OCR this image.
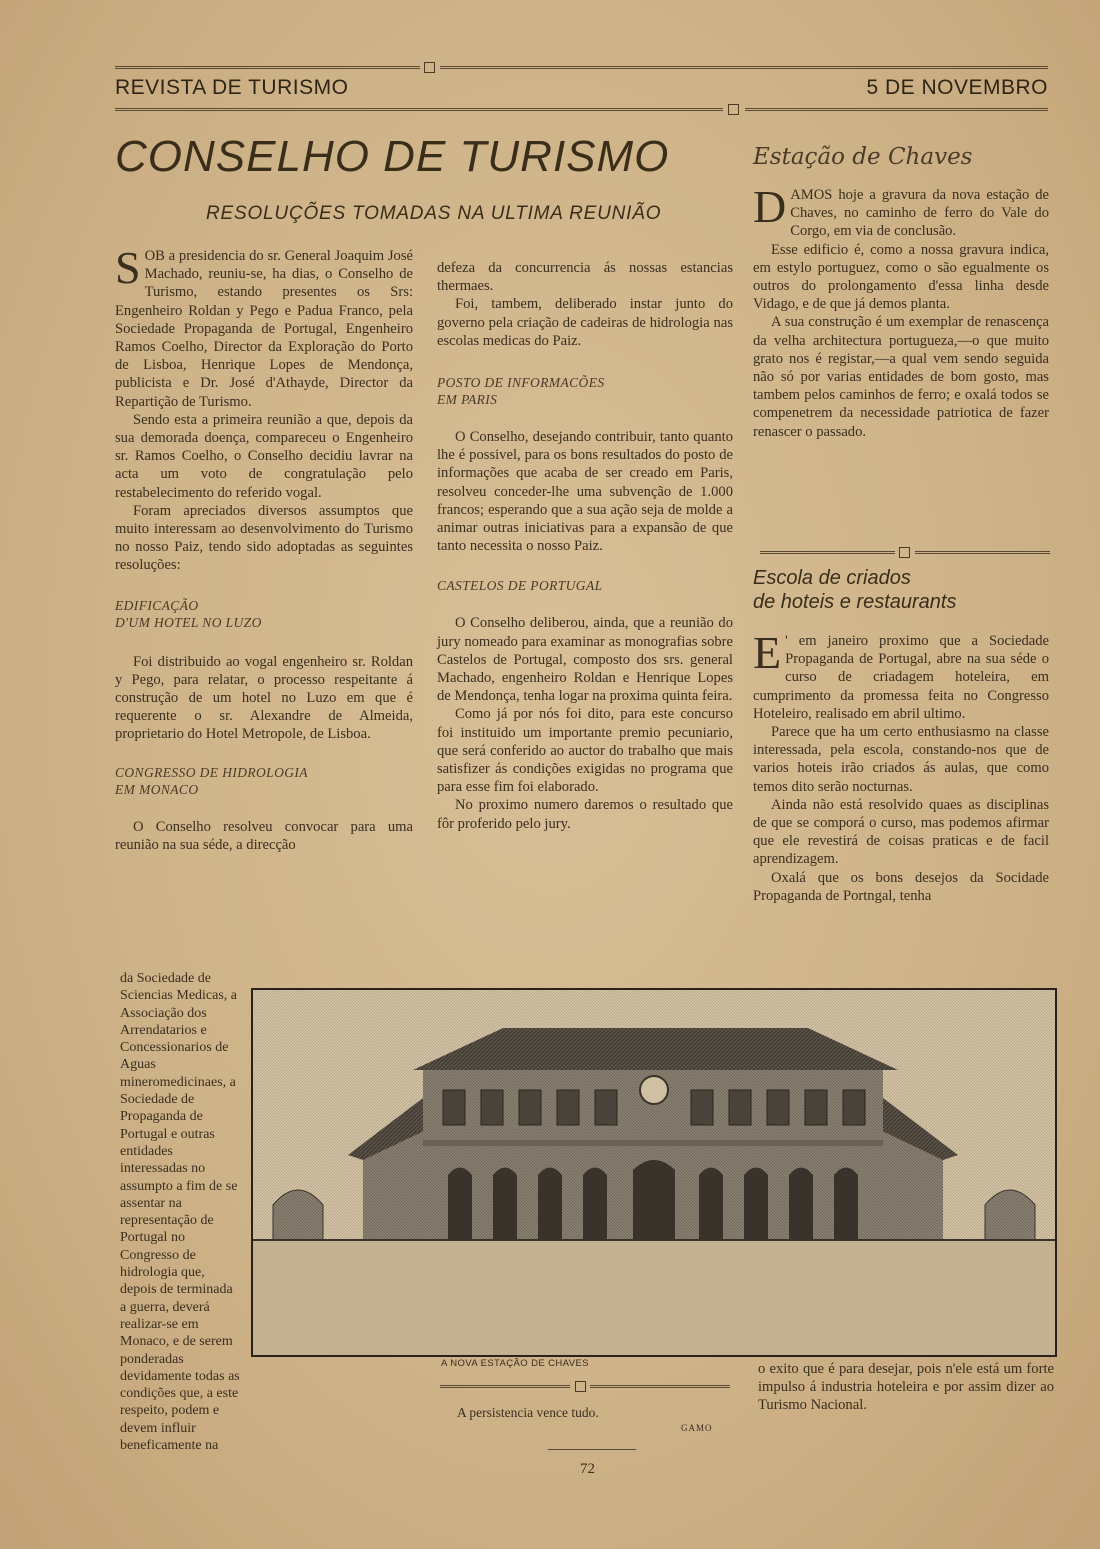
REVISTA DE TURISMO	5 DE NOVEMBRO
CONSELHO DE TURISMO
RESOLUÇÕES TOMADAS NA ULTIMA REUNIÃO

SOB a presidencia do sr. General Joaquim José Machado, reuniu-se, ha dias, o Conselho de Turismo, estando presentes os Srs: Engenheiro Roldan y Pego e Padua Franco, pela Sociedade Propaganda de Portugal, Engenheiro Ramos Coelho, Director da Exploração do Porto de Lisboa, Henrique Lopes de Mendonça, publicista e Dr. José d'Athayde, Director da Repartição de Turismo.

Sendo esta a primeira reunião a que, depois da sua demorada doença, compareceu o Engenheiro sr. Ramos Coelho, o Conselho decidiu lavrar na acta um voto de congratulação pelo restabelecimento do referido vogal.

Foram apreciados diversos assumptos que muito interessam ao desenvolvimento do Turismo no nosso Paiz, tendo sido adoptadas as seguintes resoluções:

EDIFICAÇÃO
D'UM HOTEL NO LUZO

Foi distribuido ao vogal engenheiro sr. Roldan y Pego, para relatar, o processo respeitante á construção de um hotel no Luzo em que é requerente o sr. Alexandre de Almeida, proprietario do Hotel Metropole, de Lisboa.

CONGRESSO DE HIDROLOGIA
EM MONACO

O Conselho resolveu convocar para uma reunião na sua séde, a direcção

da Sociedade de Sciencias Medicas, a Associação dos Arrendatarios e Concessionarios de Aguas mineromedicinaes, a Sociedade de Propaganda de Portugal e outras entidades interessadas no assumpto a fim de se assentar na representação de Portugal no Congresso de hidrologia que, depois de terminada a guerra, deverá realizar-se em Monaco, e de serem ponderadas devidamente todas as condições que, a este respeito, podem e devem influir beneficamente na

defeza da concurrencia ás nossas estancias thermaes.

Foi, tambem, deliberado instar junto do governo pela criação de cadeiras de hidrologia nas escolas medicas do Paiz.

POSTO DE INFORMACÕES
EM PARIS

O Conselho, desejando contribuir, tanto quanto lhe é possivel, para os bons resultados do posto de informações que acaba de ser creado em Paris, resolveu conceder-lhe uma subvenção de 1.000 francos; esperando que a sua ação seja de molde a animar outras iniciativas para a expansão de que tanto necessita o nosso Paiz.

CASTELOS DE PORTUGAL

O Conselho deliberou, ainda, que a reunião do jury nomeado para examinar as monografias sobre Castelos de Portugal, composto dos srs. general Machado, engenheiro Roldan e Henrique Lopes de Mendonça, tenha logar na proxima quinta feira.

Como já por nós foi dito, para este concurso foi instituido um importante premio pecuniario, que será conferido ao auctor do trabalho que mais satisfizer ás condições exigidas no programa que para esse fim foi elaborado.

No proximo numero daremos o resultado que fôr proferido pelo jury.

Estação de Chaves

DAMOS hoje a gravura da nova estação de Chaves, no caminho de ferro do Vale do Corgo, em via de conclusão.

Esse edificio é, como a nossa gravura indica, em estylo portuguez, como o são egualmente os outros do prolongamento d'essa linha desde Vidago, e de que já demos planta.

A sua construção é um exemplar de renascença da velha architectura portugueza,—o que muito grato nos é registar,—a qual vem sendo seguida não só por varias entidades de bom gosto, mas tambem pelos caminhos de ferro; e oxalá todos se compenetrem da necessidade patriotica de fazer renascer o passado.

Escola de criados
de hoteis e restaurants

E ' em janeiro proximo que a Sociedade Propaganda de Portugal, abre na sua séde o curso de criadagem hoteleira, em cumprimento da promessa feita no Congresso Hoteleiro, realisado em abril ultimo.

Parece que ha um certo enthusiasmo na classe interessada, pela escola, constando-nos que de varios hoteis irão criados ás aulas, que como temos dito serão nocturnas.

Ainda não está resolvido quaes as disciplinas de que se comporá o curso, mas podemos afirmar que ele revestirá de coisas praticas e de facil aprendizagem.

Oxalá que os bons desejos da Socidade Propaganda de Portngal, tenha

A NOVA ESTAÇÃO DE CHAVES
A persistencia vence tudo.
GAMO

o exito que é para desejar, pois n'ele está um forte impulso á industria hoteleira e por assim dizer ao Turismo Nacional.

72
